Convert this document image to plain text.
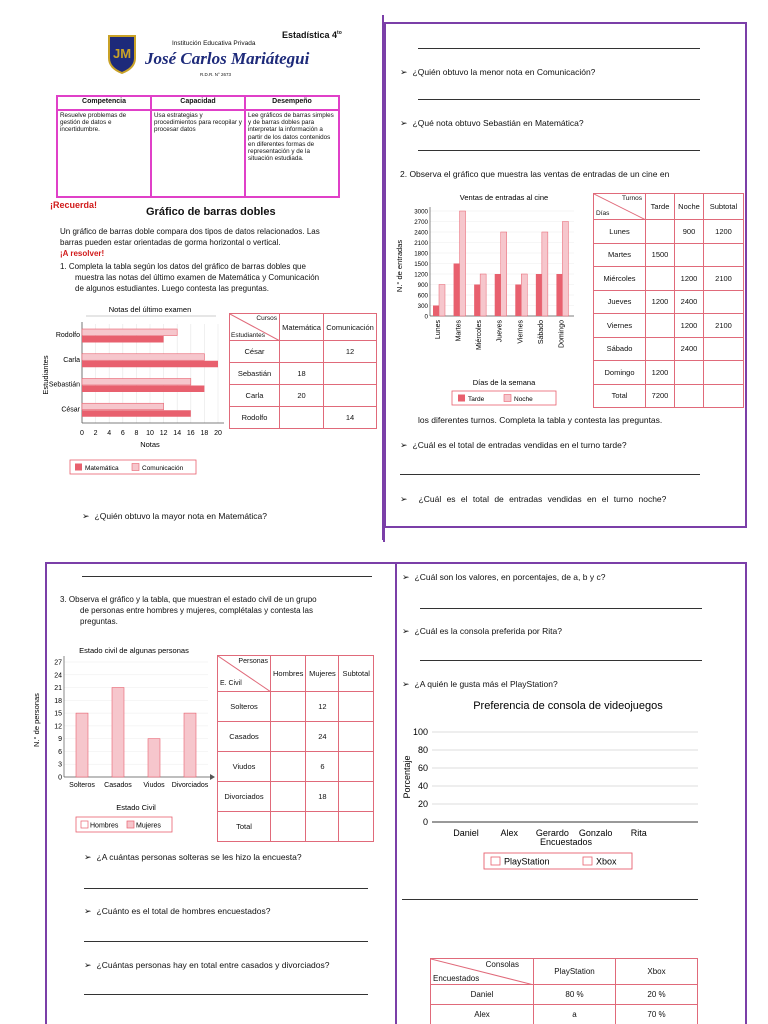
JM
Institución Educativa Privada
José Carlos Mariátegui
R.D.R. N° 2673
Estadística $4^{to}$
Competencia	Capacidad	Desempeño
Resuelve problemas de gestión de datos e incertidumbre.	Usa estrategias y procedimientos para recopilar y procesar datos	Lee gráficos de barras simples y de barras dobles para interpretar la información a partir de los datos contenidos en diferentes formas de representación y de la situación estudiada.
¡Recuerda!
Gráfico de barras dobles
Un gráfico de barras doble compara dos tipos de datos relacionados. Las
barras pueden estar orientadas de gorma horizontal o vertical.
¡A resolver!
1. Completa la tabla según los datos del gráfico de barras dobles que
muestra las notas del último examen de Matemática y Comunicación
de algunos estudiantes. Luego contesta las preguntas.
Notas del último examen
0 2 4 6 8 10 12 14 16 18 20
Rodolfo
Carla
Sebastián
César
Estudiantes
Notas
Matemática	Comunicación
Cursos
Estudiantes	Matemática	Comunicación
César		12
Sebastián	18	
Carla	20	
Rodolfo		14
➢  ¿Quién obtuvo la mayor nota en Matemática?
➢  ¿Quién obtuvo la menor nota en Comunicación?
➢  ¿Qué nota obtuvo Sebastián en Matemática?
2. Observa el gráfico que muestra las ventas de entradas de un cine en
Ventas de entradas al cine
0
300
600
900
1200
1500
1800
2100
2400
2700
3000
Lunes Martes Miércoles Jueves Viernes Sábado Domingo
N.° de entradas
Días de la semana
Tarde	Noche
Turnos
Días	Tarde	Noche	Subtotal
Lunes		900	1200
Martes	1500		
Miércoles		1200	2100
Jueves	1200	2400	
Viernes		1200	2100
Sábado		2400	
Domingo	1200		
Total	7200		
los diferentes turnos. Completa la tabla y contesta las preguntas.
➢  ¿Cuál es el total de entradas vendidas en el turno tarde?
➢  ¿Cuál es el total de entradas vendidas en el turno noche?
3. Observa el gráfico y la tabla, que muestran el estado civil de un grupo
de personas entre hombres y mujeres, complétalas y contesta las
preguntas.
Estado civil de algunas personas
0
3
6
9
12
15
18
21
24
27
Solteros Casados Viudos Divorciados
N.° de personas
Estado Civil
Hombres	Mujeres
Personas
E. Civil	Hombres	Mujeres	Subtotal
Solteros		12	
Casados		24	
Viudos		6	
Divorciados		18	
Total			
➢  ¿A cuántas personas solteras se les hizo la encuesta?
➢  ¿Cuánto es el total de hombres encuestados?
➢  ¿Cuántas personas hay en total entre casados y divorciados?
➢  ¿Cuál son los valores, en porcentajes, de a, b y c?
➢  ¿Cuál es la consola preferida por Rita?
➢  ¿A quién le gusta más el PlayStation?
Preferencia de consola de videojuegos
0
20
40
60
80
100
Daniel Alex Gerardo Gonzalo Rita
Porcentaje
Encuestados
PlayStation	Xbox
Consolas
Encuestados	PlayStation	Xbox
Daniel	80 %	20 %
Alex	a	70 %
